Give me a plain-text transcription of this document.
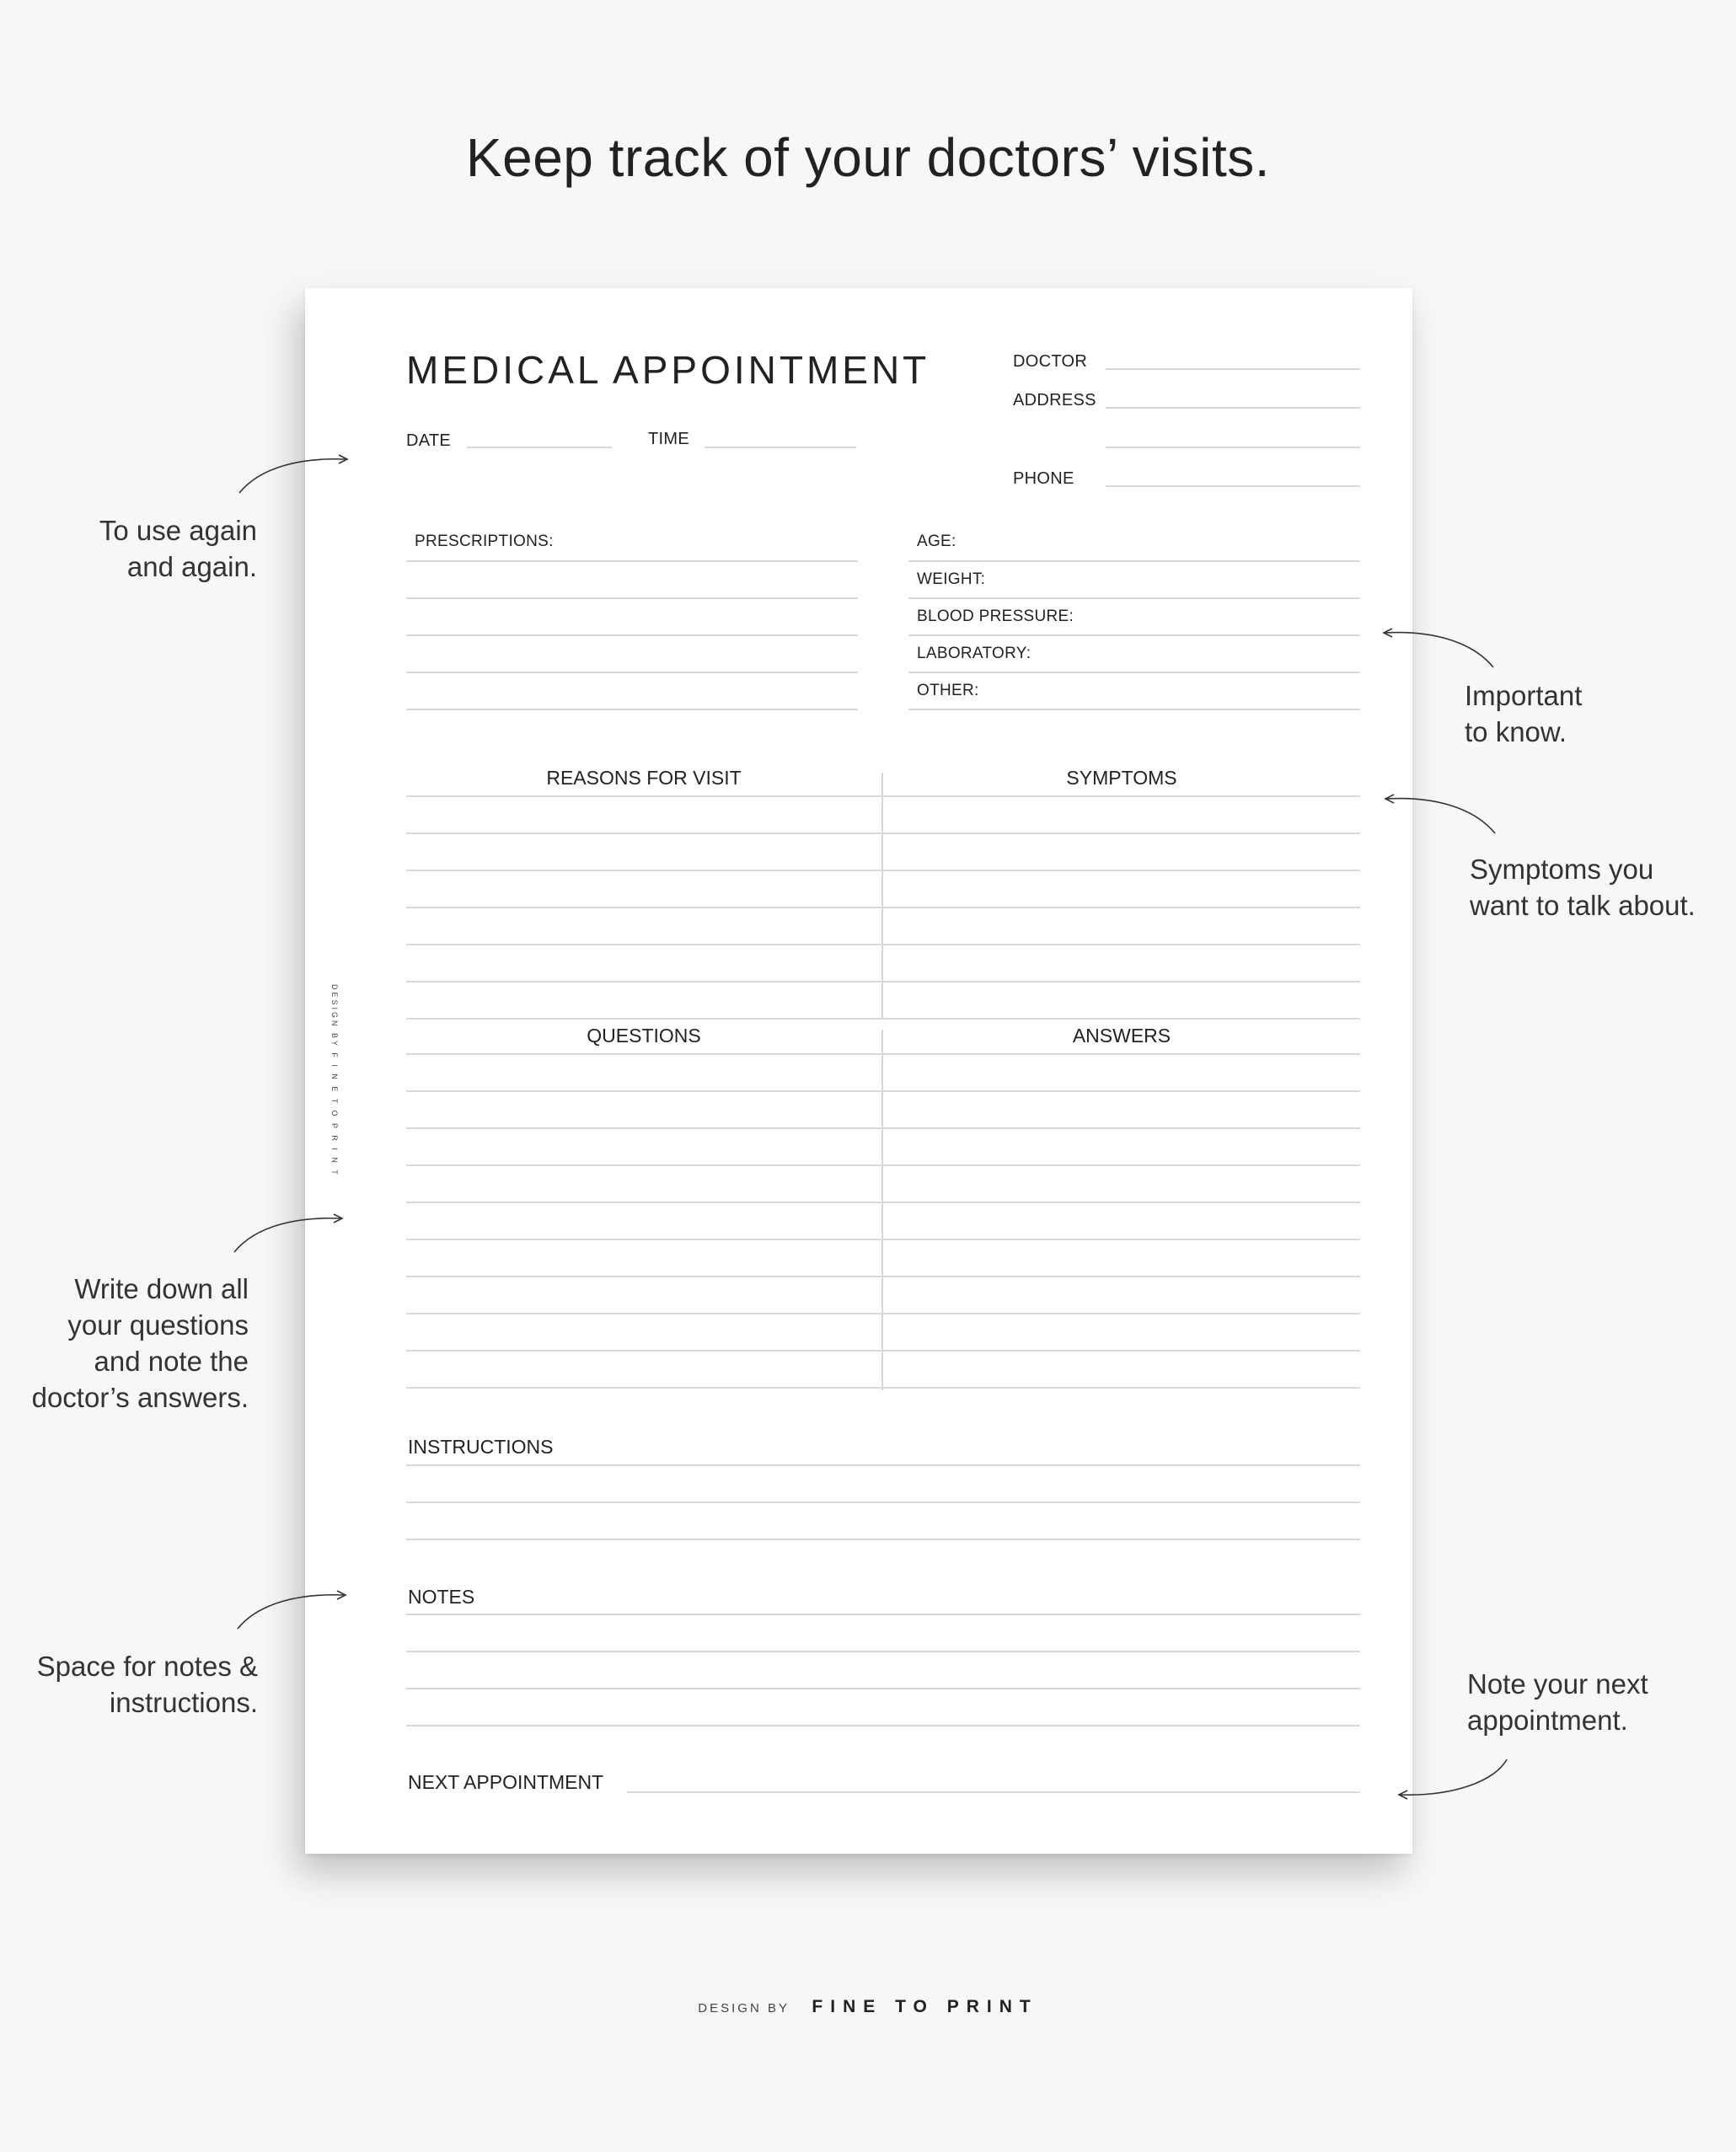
Keep track of your doctors’ visits.
MEDICAL APPOINTMENT
DATE	TIME
DOCTOR
ADDRESS
PHONE
PRESCRIPTIONS:	AGE:
WEIGHT:
BLOOD PRESSURE:
LABORATORY:
OTHER:
REASONS FOR VISIT	SYMPTOMS
QUESTIONS	ANSWERS
INSTRUCTIONS
NOTES
NEXT APPOINTMENT
DESIGN BY F I N E T O P R I N T
To use again
and again.
Write down all
your questions
and note the
doctor’s answers.
Space for notes &
instructions.
Important
to know.
Symptoms you
want to talk about.
Note your next
appointment.
DESIGN BY FINE TO PRINT
